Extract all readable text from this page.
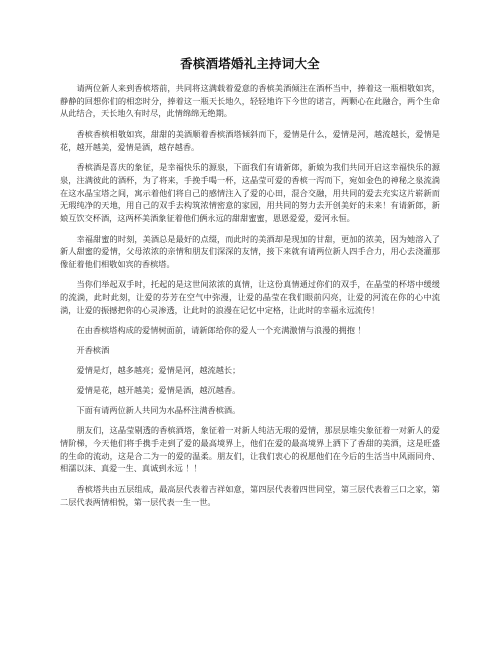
香槟酒塔婚礼主持词大全

请两位新人来到香槟塔前，共同将这满载着爱意的香槟美酒倾注在酒杯当中，捧着这一瓶相敬如宾，静静的回想你们的相恋时分，捧着这一瓶天长地久，轻轻地许下今世的诺言，两颗心在此融合，两个生命从此结合，天长地久有时尽，此情绵绵无绝期。

香槟香槟相敬如宾，甜甜的美酒顺着香槟酒塔倾斜而下，爱情是什么，爱情是河，越流越长，爱情是花，越开越美，爱情是酒，越存越香。

香槟酒是喜庆的象征，是幸福快乐的源泉，下面我们有请新郎，新娘为我们共同开启这幸福快乐的源泉，注满彼此的酒杯，为了将来，手挽手喝一杯，这晶莹可爱的香槟一泻而下，宛如金色的神秘之泉流淌在这水晶宝塔之间，寓示着他们将自己的感情注入了爱的心田，混合交融，用共同的爱去充实这片崭新而无瑕纯净的天地，用自己的双手去构筑浓情密意的家园，用共同的努力去开创美好的未来！有请新郎，新娘互饮交杯酒，这两杯美酒象征着他们俩永远的甜甜蜜蜜，恩恩爱爱，爱河永恒。

幸福甜蜜的时刻，美酒总是最好的点缀，而此时的美酒却是现加的甘甜，更加的浓美，因为她溶入了新人甜蜜的爱情，父母浓浓的亲情和朋友们深深的友情，接下来就有请两位新人四手合力，用心去浇灌那像征着他们相敬如宾的香槟塔。

当你们举起双手时，托起的是这世间浓浓的真情，让这份真情通过你们的双手，在晶莹的杯塔中缓缓的流淌，此时此刻，让爱的芬芳在空气中弥漫，让爱的晶莹在我们眼前闪亮，让爱的河流在你的心中流淌，让爱的振撼把你的心灵渗透，让此时的浪漫在记忆中定格，让此时的幸福永远流传！

在由香槟塔构成的爱情树面前，请新郎给你的爱人一个充满激情与浪漫的拥抱 ！

开香槟酒

爱情是灯，越多越亮；爱情是河，越流越长；

爱情是花，越开越美；爱情是酒，越沉越香。

下面有请两位新人共同为水晶杯注满香槟酒。

朋友们，这晶莹剔透的香槟酒塔，象征着一对新人纯洁无瑕的爱情，那层层堆尖象征着一对新人的爱情阶梯，今天他们将手携手走到了爱的最高境界上，他们在爱的最高境界上洒下了香甜的美酒，这是旺盛的生命的流动，这是合二为一的爱的温柔。朋友们，让我们衷心的祝愿他们在今后的生活当中风雨同舟、相濡以沫、真爱一生、真诚到永远 ！！

香槟塔共由五层组成，最高层代表着吉祥如意，第四层代表着四世同堂，第三层代表着三口之家，第二层代表两情相悦，第一层代表一生一世。
